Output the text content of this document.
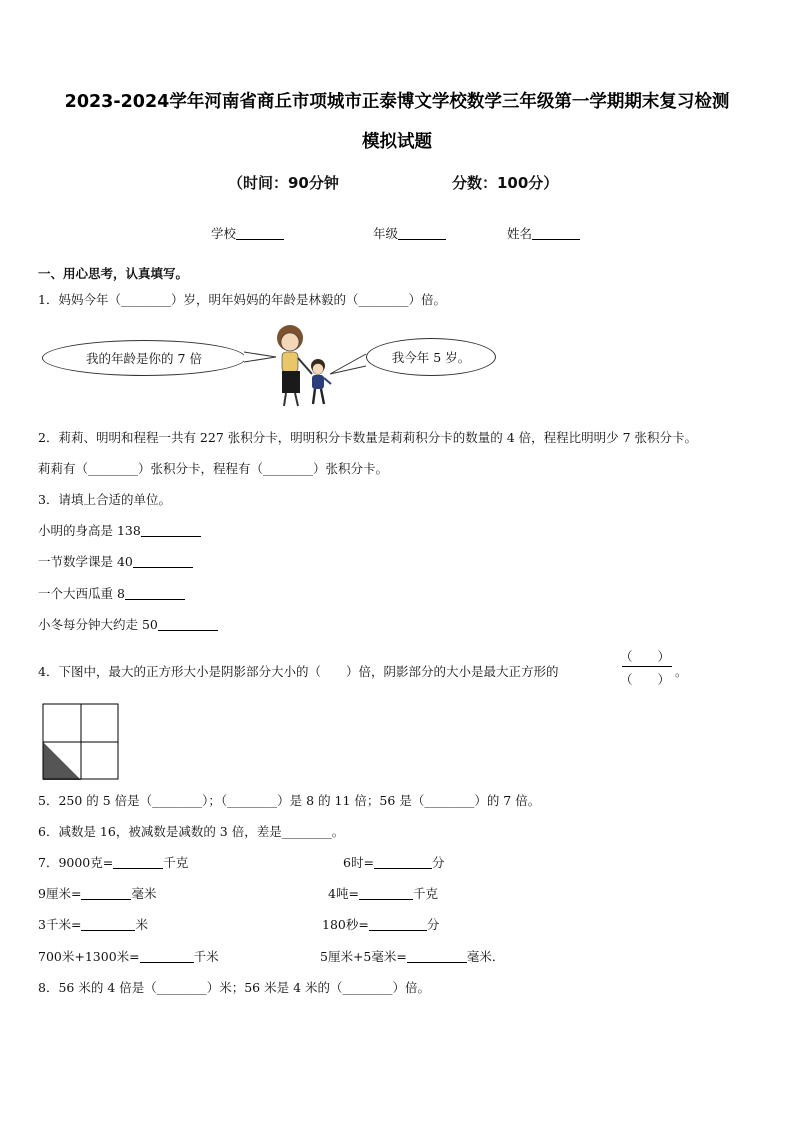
2023-2024学年河南省商丘市项城市正泰博文学校数学三年级第一学期期末复习检测
模拟试题
（时间：90分钟	分数：100分）
学校	年级	姓名
一、用心思考，认真填写。
1．妈妈今年（________）岁，明年妈妈的年龄是林毅的（________）倍。
我的年龄是你的 7 倍	我今年 5 岁。
2．莉莉、明明和程程一共有 227 张积分卡，明明积分卡数量是莉莉积分卡的数量的 4 倍，程程比明明少 7 张积分卡。
莉莉有（________）张积分卡，程程有（________）张积分卡。
3．请填上合适的单位。
小明的身高是 138
一节数学课是 40
一个大西瓜重 8
小冬每分钟大约走 50
4．下图中，最大的正方形大小是阴影部分大小的（　　）倍，阴影部分的大小是最大正方形的
（　　）
（　　）
。
5．250 的 5 倍是（________）；（________）是 8 的 11 倍；56 是（________）的 7 倍。
6．减数是 16，被减数是减数的 3 倍，差是________。
7．9000克=	千克	6时=	分
9厘米=	毫米	4吨=	千克
3千米=	米	180秒=	分
700米+1300米=	千米	5厘米+5毫米=	毫米．
8．56 米的 4 倍是（________）米；56 米是 4 米的（________）倍。
